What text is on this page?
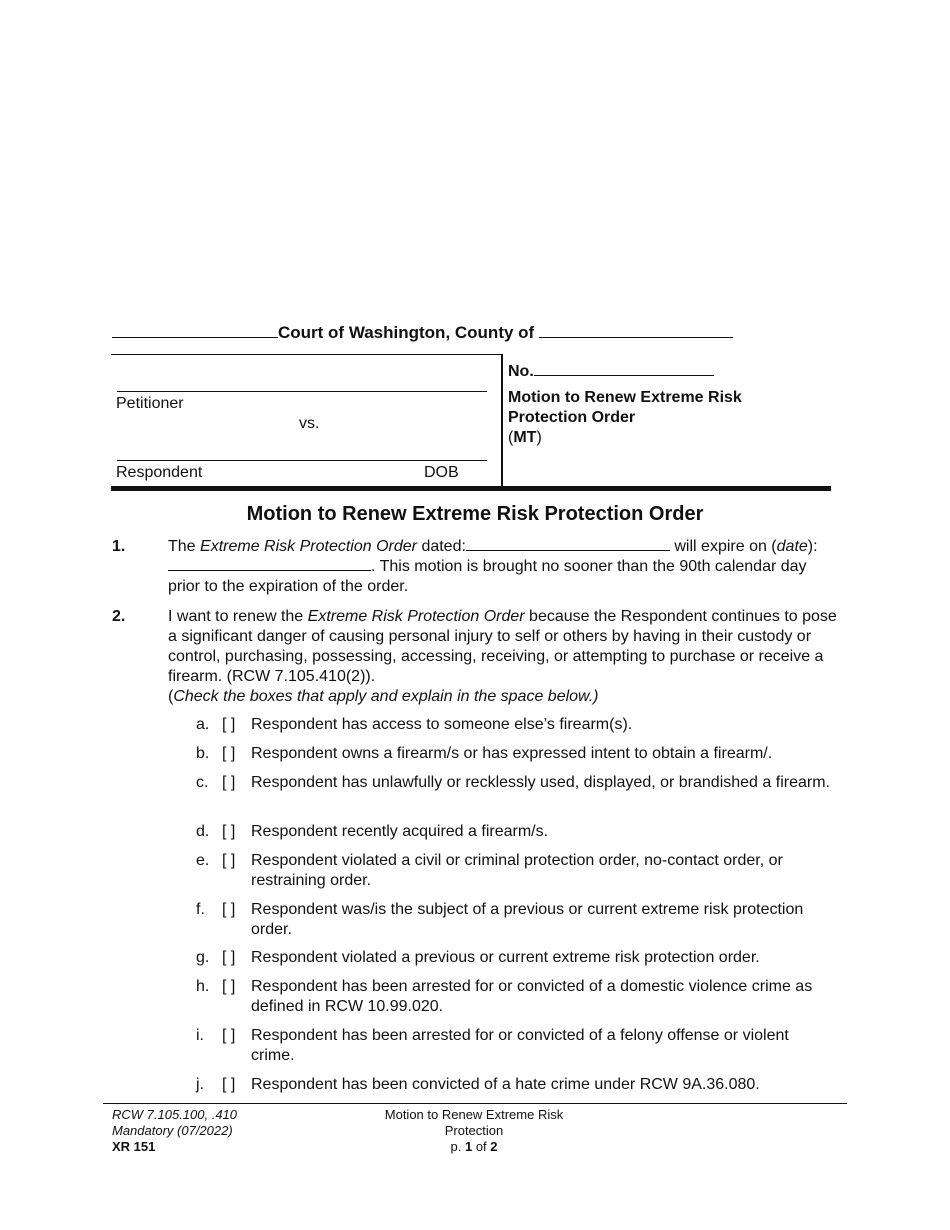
Court of Washington, County of
Petitioner
vs.
Respondent	DOB
No.
Motion to Renew Extreme Risk
Protection Order
(MT)
Motion to Renew Extreme Risk Protection Order
1.	The Extreme Risk Protection Order dated:	will expire on (date):. This motion is brought no sooner than the 90th calendar day prior to the expiration of the order.
2.	I want to renew the Extreme Risk Protection Order because the Respondent continues to pose a significant danger of causing personal injury to self or others by having in their custody or control, purchasing, possessing, accessing, receiving, or attempting to purchase or receive a firearm. (RCW 7.105.410(2)).
(Check the boxes that apply and explain in the space below.)
a. [ ] Respondent has access to someone else’s firearm(s).
b. [ ] Respondent owns a firearm/s or has expressed intent to obtain a firearm/.
c. [ ] Respondent has unlawfully or recklessly used, displayed, or brandished a firearm.
d. [ ] Respondent recently acquired a firearm/s.
e. [ ] Respondent violated a civil or criminal protection order, no-contact order, or restraining order.
f. [ ] Respondent was/is the subject of a previous or current extreme risk protection order.
g. [ ] Respondent violated a previous or current extreme risk protection order.
h. [ ] Respondent has been arrested for or convicted of a domestic violence crime as defined in RCW 10.99.020.
i. [ ] Respondent has been arrested for or convicted of a felony offense or violent crime.
j. [ ] Respondent has been convicted of a hate crime under RCW 9A.36.080.
RCW 7.105.100, .410
Mandatory (07/2022)
XR 151
Motion to Renew Extreme Risk
Protection
p. 1 of 2
